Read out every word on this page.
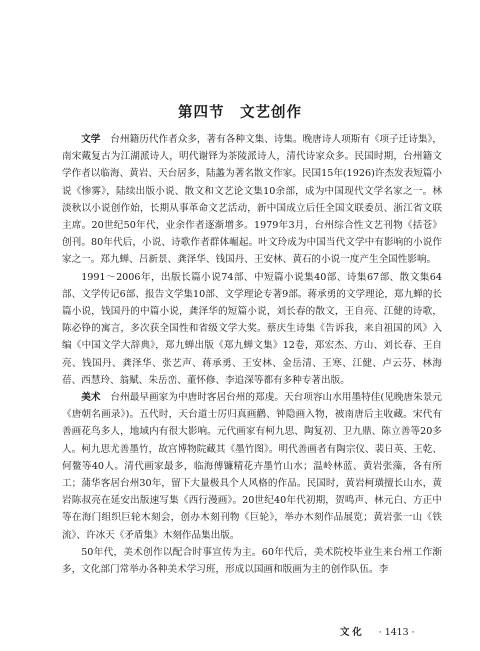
第四节　文艺创作

文学 台州籍历代作者众多，著有各种文集、诗集。晚唐诗人项斯有《项子迁诗集》，南宋戴复古为江湖派诗人，明代谢铎为茶陵派诗人，清代诗家众多。民国时期，台州籍文学作者以临海、黄岩、天台居多，陆蠡为著名散文作家。民国15年(1926)许杰发表短篇小说《惨雾》，陆续出版小说、散文和文艺论文集10余部，成为中国现代文学名家之一。林淡秋以小说创作始，长期从事革命文艺活动，新中国成立后任全国文联委员、浙江省文联主席。20世纪50年代，业余作者逐渐增多。1979年3月，台州综合性文艺刊物《括苍》创刊。80年代后，小说、诗歌作者群体崛起。叶文玲成为中国当代文学中有影响的小说作家之一。郑九蝉、吕新景、龚泽华、钱国丹、王安林、黄石的小说一度产生全国性影响。

1991～2006年，出版长篇小说74部、中短篇小说集40部、诗集67部、散文集64部、文学传记6部、报告文学集10部、文学理论专著9部。蒋承勇的文学理论，郑九蝉的长篇小说，钱国丹的中篇小说，龚泽华的短篇小说，刘长春的散文，王自亮、江健的诗歌，陈必铮的寓言，多次获全国性和省级文学大奖。蔡庆生诗集《告诉我，来自祖国的风》入编《中国文学大辞典》，郑九蝉出版《郑九蝉文集》12卷，郑宏杰、方山、刘长春、王自亮、钱国丹、龚泽华、张艺声、蒋承勇、王安林、金岳清、王寒、江健、卢云芬、林海蓓、西慧玲、翁赋、朱岳峦、董怀修、李追深等都有多种专著出版。

美术 台州最早画家为中唐时客居台州的郑虔。天台项容山水用墨特佳(见晚唐朱景元《唐朝名画录》)。五代时，天台道士厉归真画鹳、钟隐画入物，被南唐后主收藏。宋代有善画花鸟多人，地域内有很大影响。元代画家有柯九思、陶复初、卫九鼎、陈立善等20多人。柯九思尤善墨竹，故宫博物院藏其《墨竹图》。明代善画者有陶宗仪、裴日英、王乾、何鳌等40人。清代画家最多，临海傅镰精花卉墨竹山水；温岭林蓝、黄岩张藻，各有所工；蒲华客居台州30年，留下大量极具个人风格的作品。民国时，黄岩柯璜擅长山水，黄岩陈叔亮在延安出版速写集《西行漫画》。20世纪40年代初期，贺鸣声、林元白、方正中等在海门组织巨轮木刻会，创办木刻刊物《巨轮》，举办木刻作品展览；黄岩张一山《铁流》、许冰天《矛盾集》木刻作品集出版。

50年代，美术创作以配合时事宣传为主。60年代后，美术院校毕业生来台州工作渐多，文化部门常举办各种美术学习班，形成以国画和版画为主的创作队伍。李

文化 · 1413 ·
